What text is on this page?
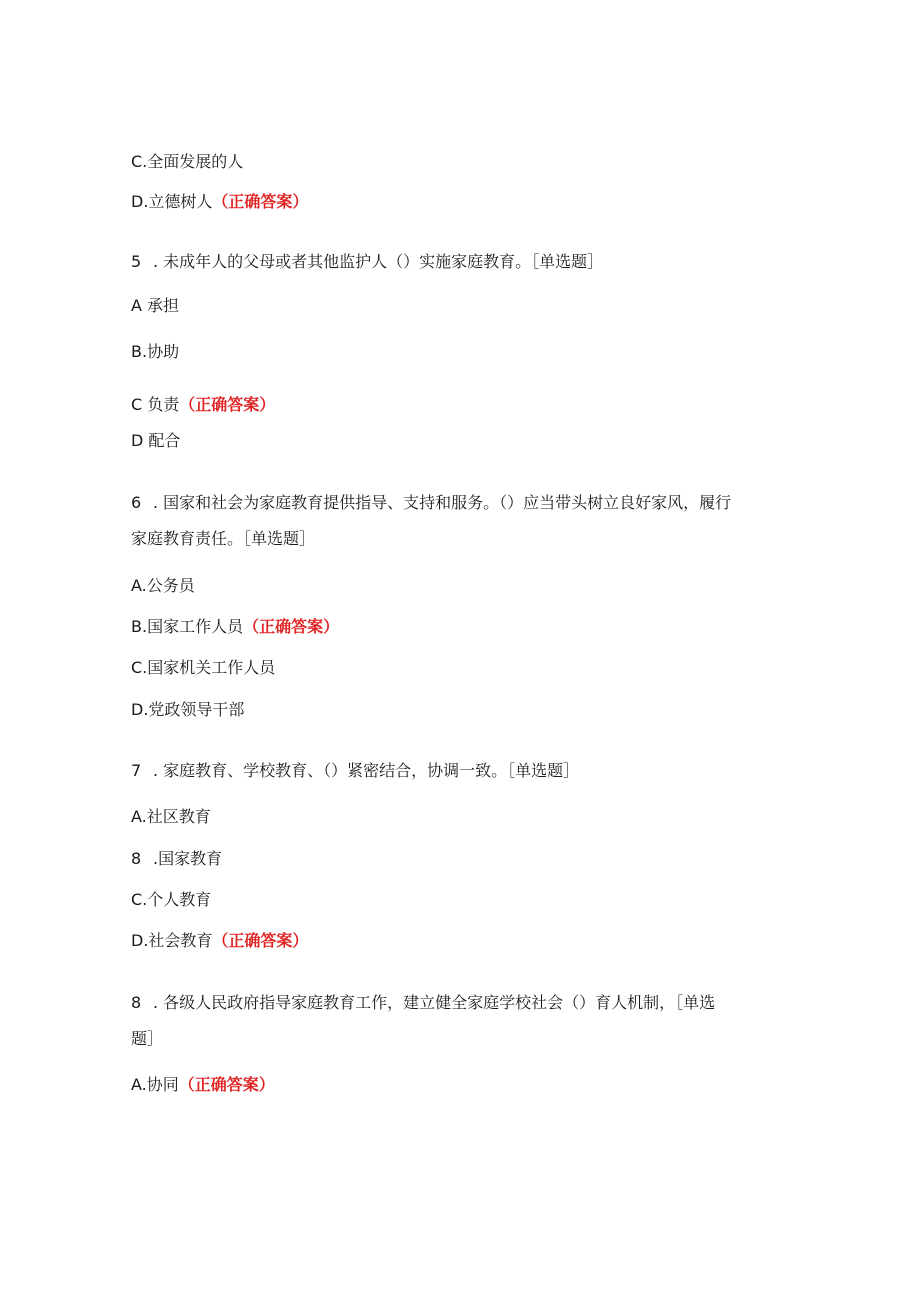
C.全面发展的人
D.立德树人（正确答案）
5 . 未成年人的父母或者其他监护人（）实施家庭教育。［单选题］
A 承担
B.协助
C 负责（正确答案）
D 配合
6 . 国家和社会为家庭教育提供指导、支持和服务。（）应当带头树立良好家风，履行
家庭教育责任。［单选题］
A.公务员
B.国家工作人员（正确答案）
C.国家机关工作人员
D.党政领导干部
7 . 家庭教育、学校教育、（）紧密结合，协调一致。［单选题］
A.社区教育
8 .国家教育
C.个人教育
D.社会教育（正确答案）
8 . 各级人民政府指导家庭教育工作，建立健全家庭学校社会（）育人机制，［单选
题］
A.协同（正确答案）
